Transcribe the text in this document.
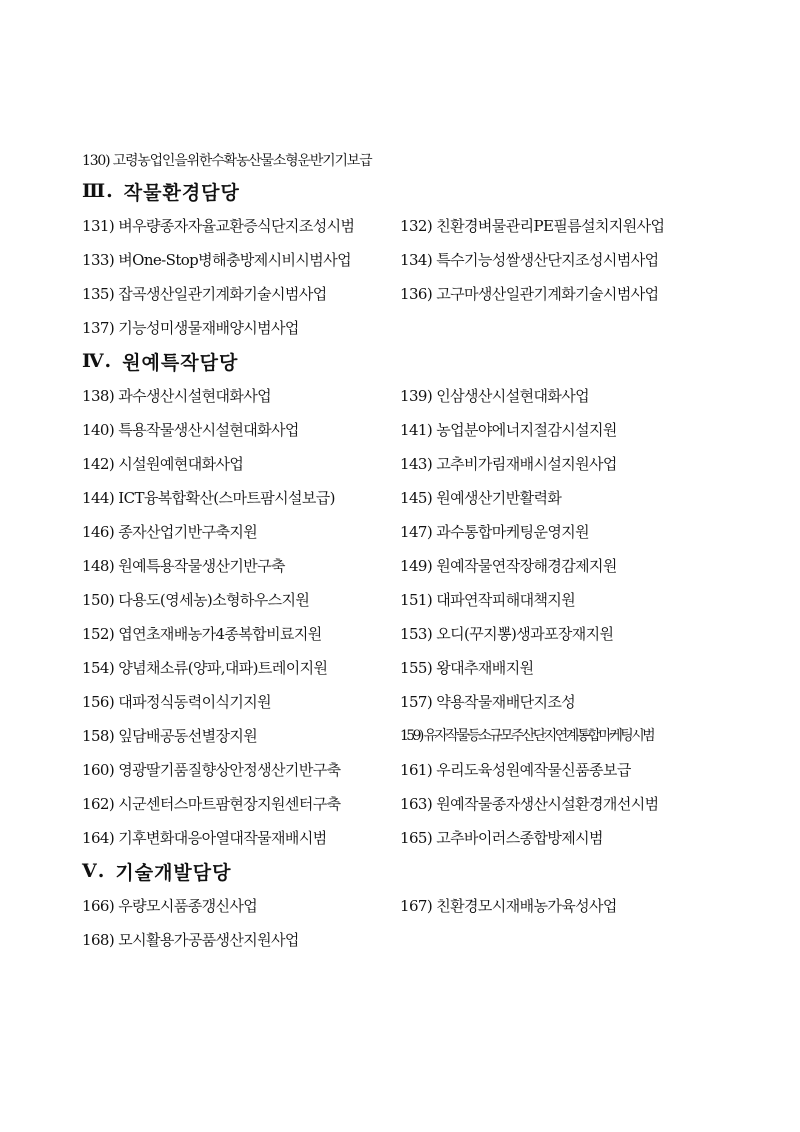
130) 고령농업인을위한수확농산물소형운반기기보급
Ⅲ. 작물환경담당
131) 벼우량종자자율교환증식단지조성시범	132) 친환경벼물관리PE필름설치지원사업
133) 벼One-Stop병해충방제시비시범사업	134) 특수기능성쌀생산단지조성시범사업
135) 잡곡생산일관기계화기술시범사업	136) 고구마생산일관기계화기술시범사업
137) 기능성미생물재배양시범사업
Ⅳ. 원예특작담당
138) 과수생산시설현대화사업	139) 인삼생산시설현대화사업
140) 특용작물생산시설현대화사업	141) 농업분야에너지절감시설지원
142) 시설원예현대화사업	143) 고추비가림재배시설지원사업
144) ICT융복합확산(스마트팜시설보급)	145) 원예생산기반활력화
146) 종자산업기반구축지원	147) 과수통합마케팅운영지원
148) 원예특용작물생산기반구축	149) 원예작물연작장해경감제지원
150) 다용도(영세농)소형하우스지원	151) 대파연작피해대책지원
152) 엽연초재배농가4종복합비료지원	153) 오디(꾸지뽕)생과포장재지원
154) 양념채소류(양파,대파)트레이지원	155) 왕대추재배지원
156) 대파정식동력이식기지원	157) 약용작물재배단지조성
158) 잎담배공동선별장지원	159) 유자작물등소규모주산단지연계통합마케팅시범
160) 영광딸기품질향상안정생산기반구축	161) 우리도육성원예작물신품종보급
162) 시군센터스마트팜현장지원센터구축	163) 원예작물종자생산시설환경개선시범
164) 기후변화대응아열대작물재배시범	165) 고추바이러스종합방제시범
Ⅴ. 기술개발담당
166) 우량모시품종갱신사업	167) 친환경모시재배농가육성사업
168) 모시활용가공품생산지원사업
